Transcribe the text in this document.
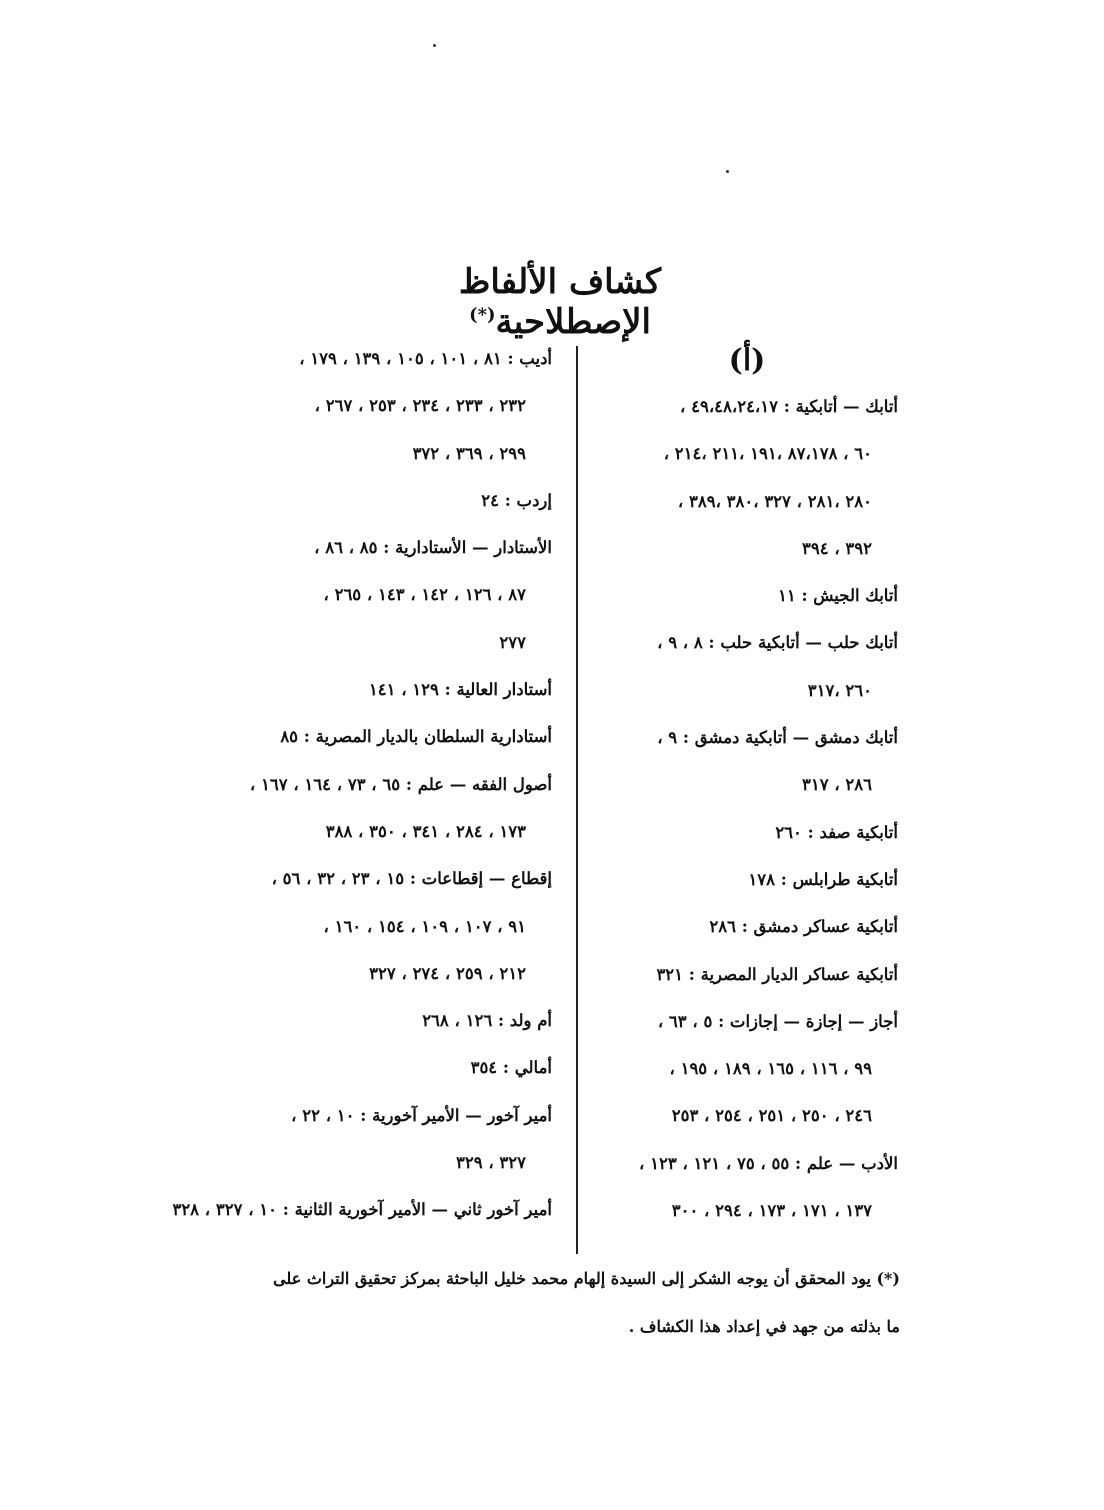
كشاف الألفاظ الإصطلاحية(*)
(أ)
أتابك — أتابكية : ٤٩،٤٨،٢٤،١٧ ،
٦٠ ، ٨٧،١٧٨ ،١٩١ ،٢١١ ،٢١٤ ،
٢٨٠ ،٢٨١ ، ٣٢٧ ،٣٨٠ ،٣٨٩ ،
٣٩٢ ، ٣٩٤
أتابك الجيش : ١١
أتابك حلب — أتابكية حلب : ٨ ، ٩ ،
٢٦٠ ،٣١٧
أتابك دمشق — أتابكية دمشق : ٩ ،
٢٨٦ ، ٣١٧
أتابكية صفد : ٢٦٠
أتابكية طرابلس : ١٧٨
أتابكية عساكر دمشق : ٢٨٦
أتابكية عساكر الديار المصرية : ٣٢١
أجاز — إجازة — إجازات : ٥ ، ٦٣ ،
٩٩ ، ١١٦ ، ١٦٥ ، ١٨٩ ، ١٩٥ ،
٢٤٦ ، ٢٥٠ ، ٢٥١ ، ٢٥٤ ، ٢٥٣
الأدب — علم : ٥٥ ، ٧٥ ، ١٢١ ، ١٢٣ ،
١٣٧ ، ١٧١ ، ١٧٣ ، ٢٩٤ ، ٣٠٠
أديب : ٨١ ، ١٠١ ، ١٠٥ ، ١٣٩ ، ١٧٩ ،
٢٣٢ ، ٢٣٣ ، ٢٣٤ ، ٢٥٣ ، ٢٦٧ ،
٢٩٩ ، ٣٦٩ ، ٣٧٢
إردب : ٢٤
الأستادار — الأستادارية : ٨٥ ، ٨٦ ،
٨٧ ، ١٢٦ ، ١٤٢ ، ١٤٣ ، ٢٦٥ ،
٢٧٧
أستادار العالية : ١٢٩ ، ١٤١
أستادارية السلطان بالديار المصرية : ٨٥
أصول الفقه — علم : ٦٥ ، ٧٣ ، ١٦٤ ، ١٦٧ ،
١٧٣ ، ٢٨٤ ، ٣٤١ ، ٣٥٠ ، ٣٨٨
إقطاع — إقطاعات : ١٥ ، ٢٣ ، ٣٢ ، ٥٦ ،
٩١ ، ١٠٧ ، ١٠٩ ، ١٥٤ ، ١٦٠ ،
٢١٢ ، ٢٥٩ ، ٢٧٤ ، ٣٢٧
أم ولد : ١٢٦ ، ٢٦٨
أمالي : ٣٥٤
أمير آخور — الأمير آخورية : ١٠ ، ٢٢ ،
٣٢٧ ، ٣٢٩
أمير آخور ثاني — الأمير آخورية الثانية : ١٠ ، ٣٢٧ ، ٣٢٨
(*) يود المحقق أن يوجه الشكر إلى السيدة إلهام محمد خليل الباحثة بمركز تحقيق التراث على
ما بذلته من جهد في إعداد هذا الكشاف .
